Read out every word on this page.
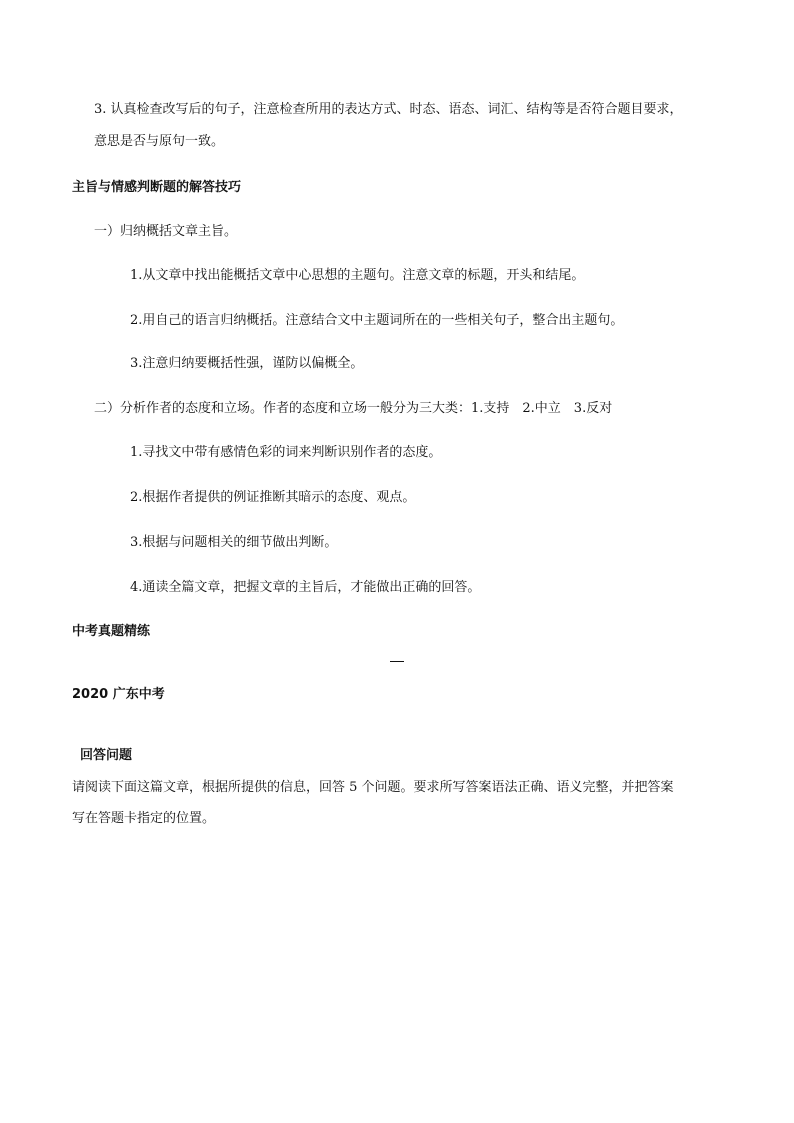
3. 认真检查改写后的句子，注意检查所用的表达方式、时态、语态、词汇、结构等是否符合题目要求，
意思是否与原句一致。
主旨与情感判断题的解答技巧
一）归纳概括文章主旨。
1.从文章中找出能概括文章中心思想的主题句。注意文章的标题，开头和结尾。
2.用自己的语言归纳概括。注意结合文中主题词所在的一些相关句子，整合出主题句。
3.注意归纳要概括性强，谨防以偏概全。
二）分析作者的态度和立场。作者的态度和立场一般分为三大类：1.支持　2.中立　3.反对
1.寻找文中带有感情色彩的词来判断识别作者的态度。
2.根据作者提供的例证推断其暗示的态度、观点。
3.根据与问题相关的细节做出判断。
4.通读全篇文章，把握文章的主旨后，才能做出正确的回答。
中考真题精练
2020 广东中考
回答问题
请阅读下面这篇文章，根据所提供的信息，回答 5 个问题。要求所写答案语法正确、语义完整，并把答案
写在答题卡指定的位置。
